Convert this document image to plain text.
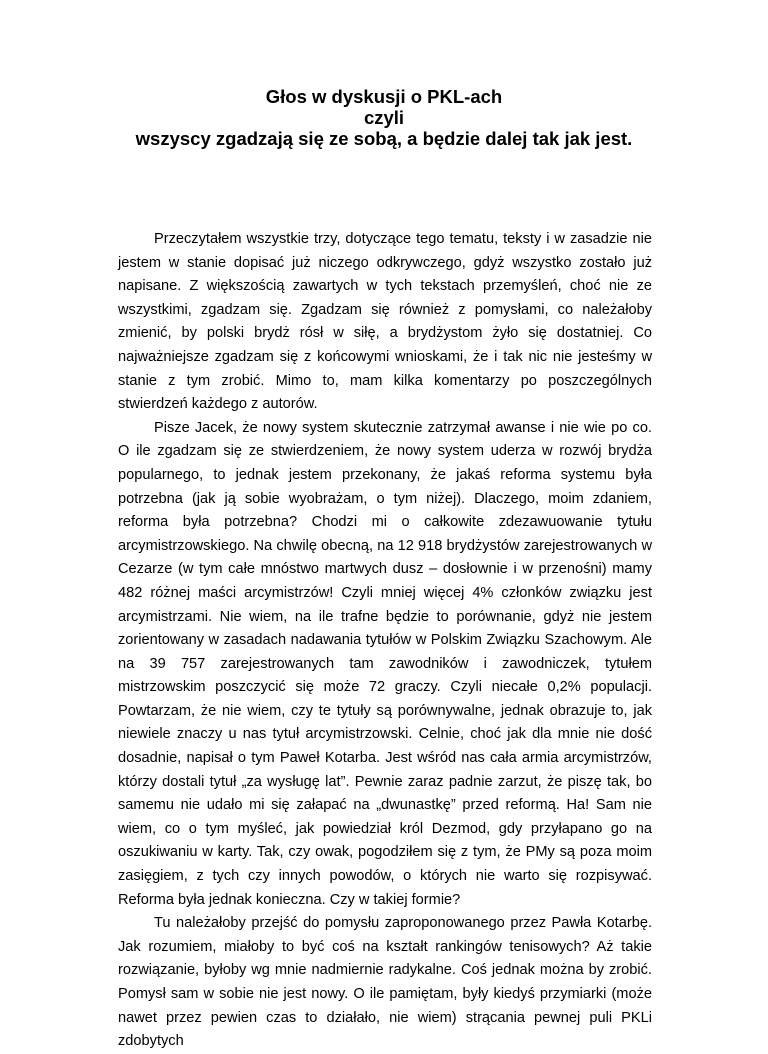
Głos w dyskusji o PKL-ach
czyli
wszyscy zgadzają się ze sobą, a będzie dalej tak jak jest.

Przeczytałem wszystkie trzy, dotyczące tego tematu, teksty i w zasadzie nie jestem w stanie dopisać już niczego odkrywczego, gdyż wszystko zostało już napisane. Z większością zawartych w tych tekstach przemyśleń, choć nie ze wszystkimi, zgadzam się. Zgadzam się również z pomysłami, co należałoby zmienić, by polski brydż rósł w siłę, a brydżystom żyło się dostatniej. Co najważniejsze zgadzam się z końcowymi wnioskami, że i tak nic nie jesteśmy w stanie z tym zrobić. Mimo to, mam kilka komentarzy po poszczególnych stwierdzeń każdego z autorów.

Pisze Jacek, że nowy system skutecznie zatrzymał awanse i nie wie po co. O ile zgadzam się ze stwierdzeniem, że nowy system uderza w rozwój brydża popularnego, to jednak jestem przekonany, że jakaś reforma systemu była potrzebna (jak ją sobie wyobrażam, o tym niżej). Dlaczego, moim zdaniem, reforma była potrzebna? Chodzi mi o całkowite zdezawuowanie tytułu arcymistrzowskiego. Na chwilę obecną, na 12 918 brydżystów zarejestrowanych w Cezarze (w tym całe mnóstwo martwych dusz – dosłownie i w przenośni) mamy 482 różnej maści arcymistrzów! Czyli mniej więcej 4% członków związku jest arcymistrzami. Nie wiem, na ile trafne będzie to porównanie, gdyż nie jestem zorientowany w zasadach nadawania tytułów w Polskim Związku Szachowym. Ale na 39 757 zarejestrowanych tam zawodników i zawodniczek, tytułem mistrzowskim poszczycić się może 72 graczy. Czyli niecałe 0,2% populacji. Powtarzam, że nie wiem, czy te tytuły są porównywalne, jednak obrazuje to, jak niewiele znaczy u nas tytuł arcymistrzowski. Celnie, choć jak dla mnie nie dość dosadnie, napisał o tym Paweł Kotarba. Jest wśród nas cała armia arcymistrzów, którzy dostali tytuł „za wysługę lat”. Pewnie zaraz padnie zarzut, że piszę tak, bo samemu nie udało mi się załapać na „dwunastkę” przed reformą. Ha! Sam nie wiem, co o tym myśleć, jak powiedział król Dezmod, gdy przyłapano go na oszukiwaniu w karty. Tak, czy owak, pogodziłem się z tym, że PMy są poza moim zasięgiem, z tych czy innych powodów, o których nie warto się rozpisywać. Reforma była jednak konieczna. Czy w takiej formie?

Tu należałoby przejść do pomysłu zaproponowanego przez Pawła Kotarbę. Jak rozumiem, miałoby to być coś na kształt rankingów tenisowych? Aż takie rozwiązanie, byłoby wg mnie nadmiernie radykalne. Coś jednak można by zrobić. Pomysł sam w sobie nie jest nowy. O ile pamiętam, były kiedyś przymiarki (może nawet przez pewien czas to działało, nie wiem) strącania pewnej puli PKLi zdobytych
